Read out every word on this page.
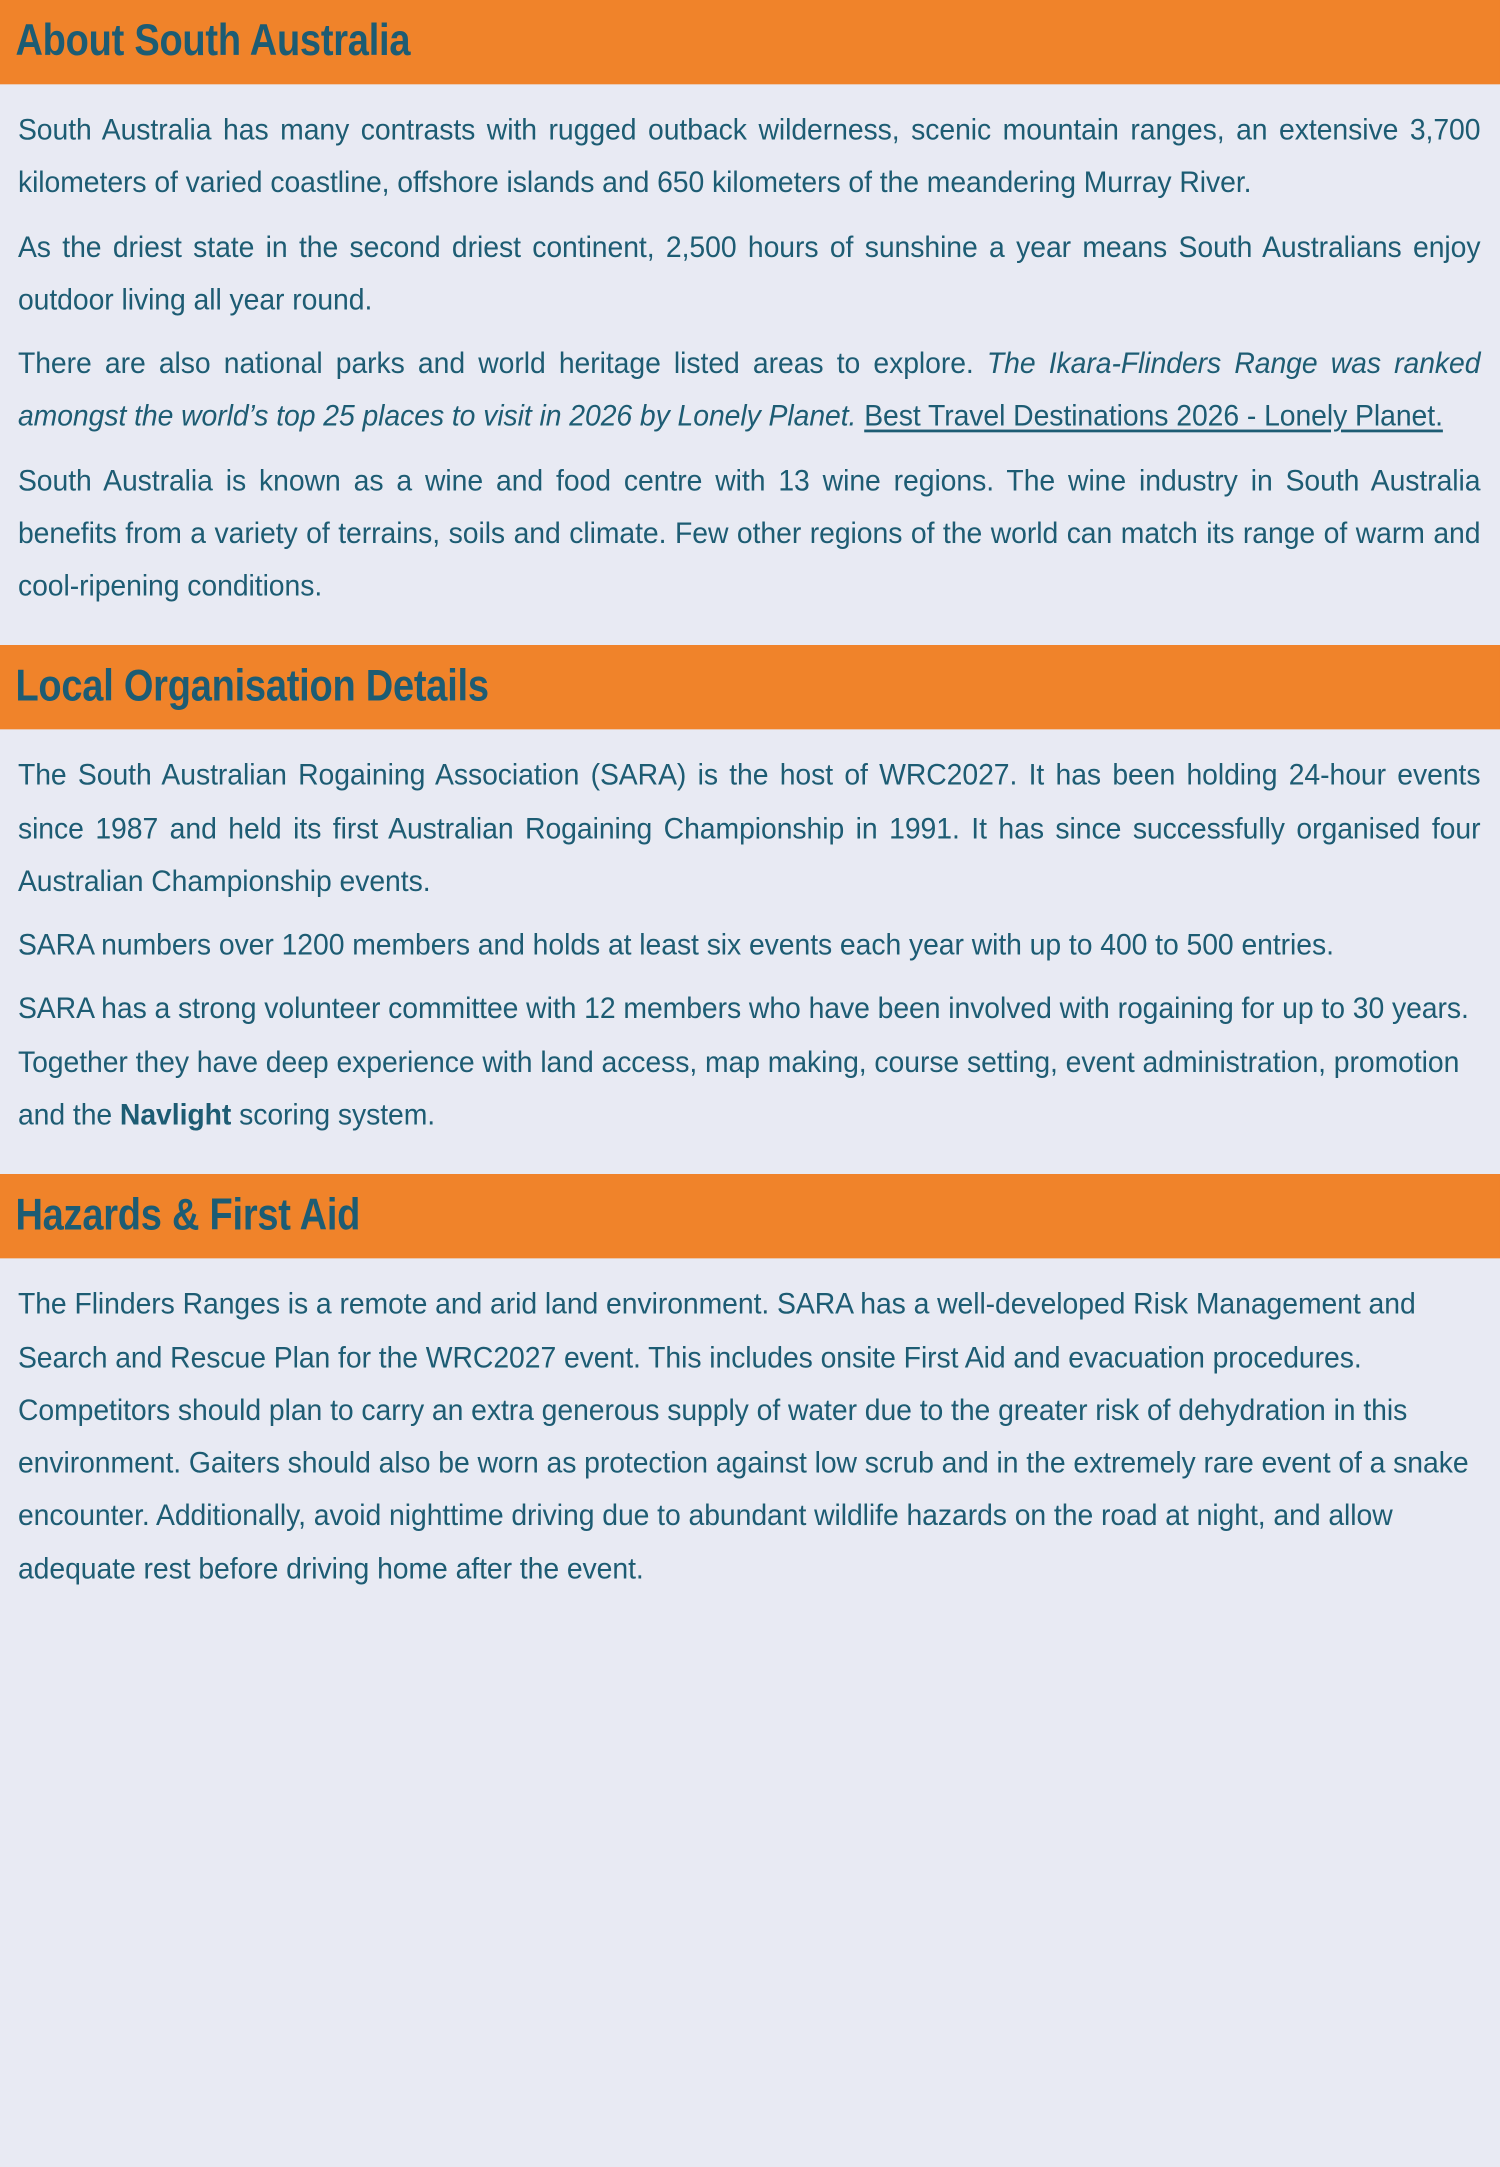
About South Australia

South Australia has many contrasts with rugged outback wilderness, scenic mountain ranges, an extensive 3,700 kilometers of varied coastline, offshore islands and 650 kilometers of the meandering Murray River.

As the driest state in the second driest continent, 2,500 hours of sunshine a year means South Australians enjoy outdoor living all year round.

There are also national parks and world heritage listed areas to explore. The Ikara-Flinders Range was ranked amongst the world’s top 25 places to visit in 2026 by Lonely Planet. Best Travel Destinations 2026 - Lonely Planet.

South Australia is known as a wine and food centre with 13 wine regions. The wine industry in South Australia benefits from a variety of terrains, soils and climate. Few other regions of the world can match its range of warm and cool-ripening conditions.

Local Organisation Details

The South Australian Rogaining Association (SARA) is the host of WRC2027. It has been holding 24-hour events since 1987 and held its first Australian Rogaining Championship in 1991. It has since successfully organised four Australian Championship events.

SARA numbers over 1200 members and holds at least six events each year with up to 400 to 500 entries.

SARA has a strong volunteer committee with 12 members who have been involved with rogaining for up to 30 years. Together they have deep experience with land access, map making, course setting, event administration, promotion and the Navlight scoring system.

Hazards & First Aid

The Flinders Ranges is a remote and arid land environment. SARA has a well-developed Risk Management and Search and Rescue Plan for the WRC2027 event. This includes onsite First Aid and evacuation procedures. Competitors should plan to carry an extra generous supply of water due to the greater risk of dehydration in this environment. Gaiters should also be worn as protection against low scrub and in the extremely rare event of a snake encounter. Additionally, avoid nighttime driving due to abundant wildlife hazards on the road at night, and allow adequate rest before driving home after the event.
